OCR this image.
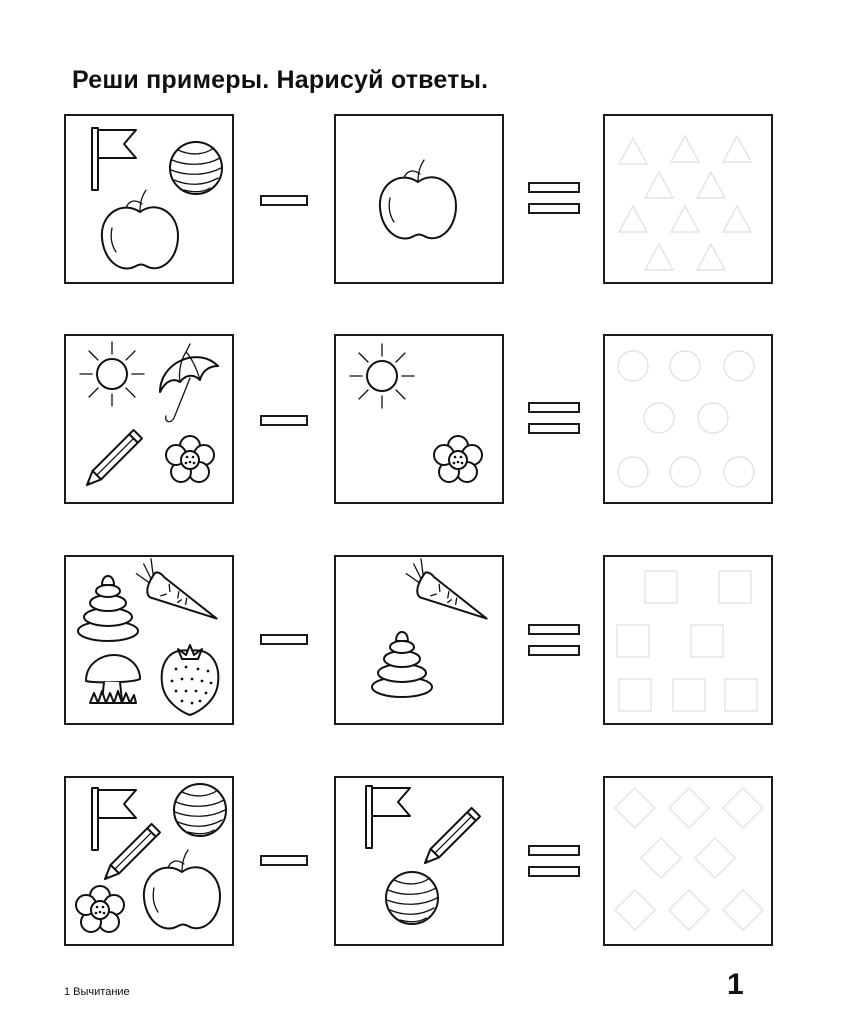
Реши примеры. Нарисуй ответы.
1 Вычитание	1
